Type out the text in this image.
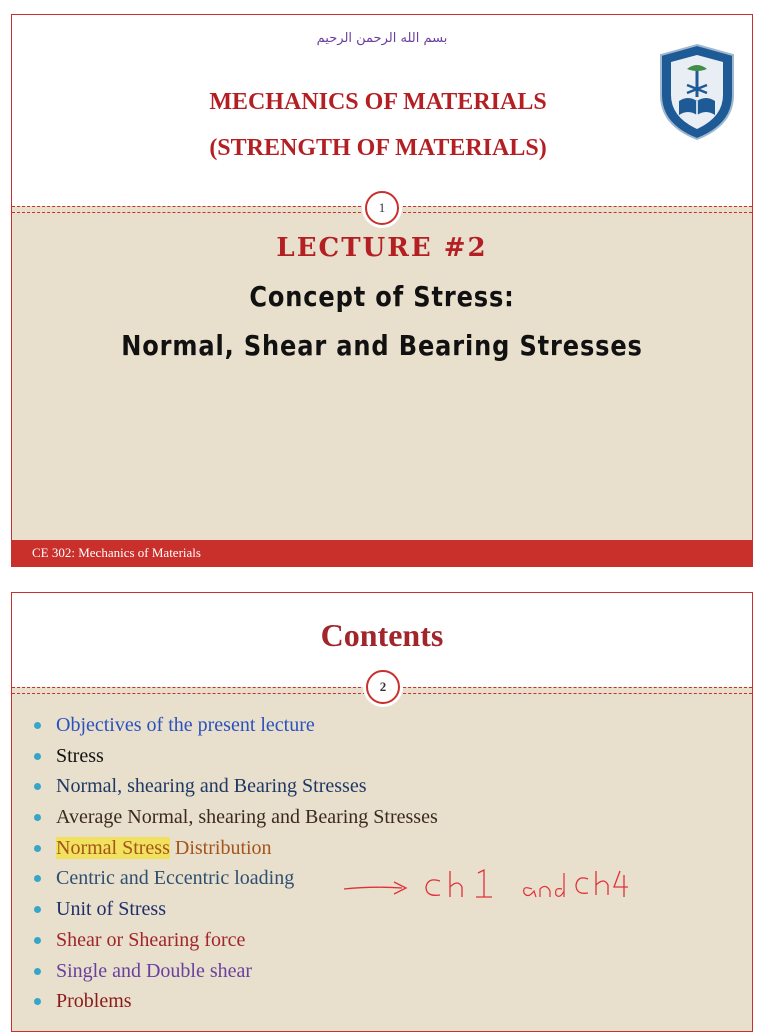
بسم الله الرحمن الرحيم
MECHANICS OF MATERIALS
(STRENGTH OF MATERIALS)
1
LECTURE #2
Concept of Stress:
Normal, Shear and Bearing Stresses
CE 302: Mechanics of Materials
Contents
2
Objectives of the present lecture
Stress
Normal, shearing and Bearing Stresses
Average Normal, shearing and Bearing Stresses
Normal Stress Distribution
Centric and Eccentric loading
Unit of Stress
Shear or Shearing force
Single and Double shear
Problems
